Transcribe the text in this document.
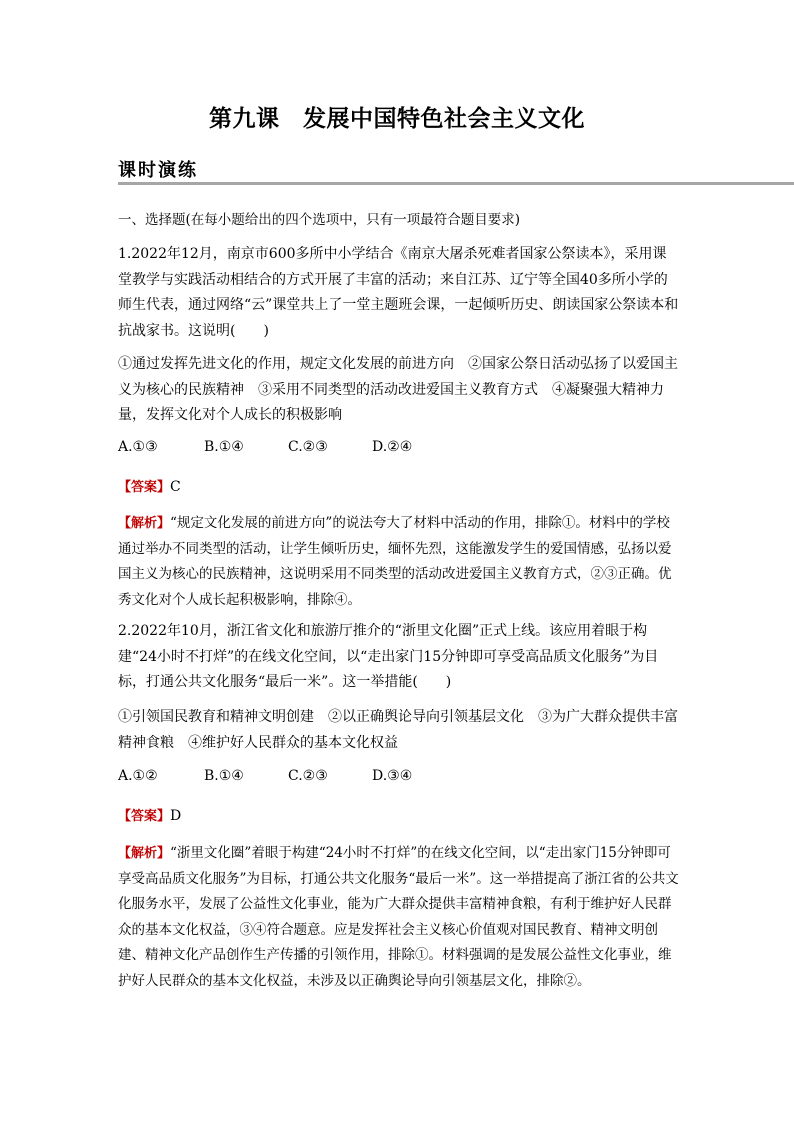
第九课　发展中国特色社会主义文化
课时演练
一、选择题(在每小题给出的四个选项中，只有一项最符合题目要求)

1.2022年12月，南京市600多所中小学结合《南京大屠杀死难者国家公祭读本》，采用课堂教学与实践活动相结合的方式开展了丰富的活动；来自江苏、辽宁等全国40多所小学的师生代表，通过网络“云”课堂共上了一堂主题班会课，一起倾听历史、朗读国家公祭读本和抗战家书。这说明(　　)

①通过发挥先进文化的作用，规定文化发展的前进方向　②国家公祭日活动弘扬了以爱国主义为核心的民族精神　③采用不同类型的活动改进爱国主义教育方式　④凝聚强大精神力量，发挥文化对个人成长的积极影响

A.①③	B.①④	C.②③	D.②④
【答案】C

【解析】“规定文化发展的前进方向”的说法夸大了材料中活动的作用，排除①。材料中的学校通过举办不同类型的活动，让学生倾听历史，缅怀先烈，这能激发学生的爱国情感，弘扬以爱国主义为核心的民族精神，这说明采用不同类型的活动改进爱国主义教育方式，②③正确。优秀文化对个人成长起积极影响，排除④。

2.2022年10月，浙江省文化和旅游厅推介的“浙里文化圈”正式上线。该应用着眼于构建“24小时不打烊”的在线文化空间，以“走出家门15分钟即可享受高品质文化服务”为目标，打通公共文化服务“最后一米”。这一举措能(　　)

①引领国民教育和精神文明创建　②以正确舆论导向引领基层文化　③为广大群众提供丰富精神食粮　④维护好人民群众的基本文化权益

A.①②	B.①④	C.②③	D.③④
【答案】D

【解析】“浙里文化圈”着眼于构建“24小时不打烊”的在线文化空间，以“走出家门15分钟即可享受高品质文化服务”为目标，打通公共文化服务“最后一米”。这一举措提高了浙江省的公共文化服务水平，发展了公益性文化事业，能为广大群众提供丰富精神食粮，有利于维护好人民群众的基本文化权益，③④符合题意。应是发挥社会主义核心价值观对国民教育、精神文明创建、精神文化产品创作生产传播的引领作用，排除①。材料强调的是发展公益性文化事业，维护好人民群众的基本文化权益，未涉及以正确舆论导向引领基层文化，排除②。
